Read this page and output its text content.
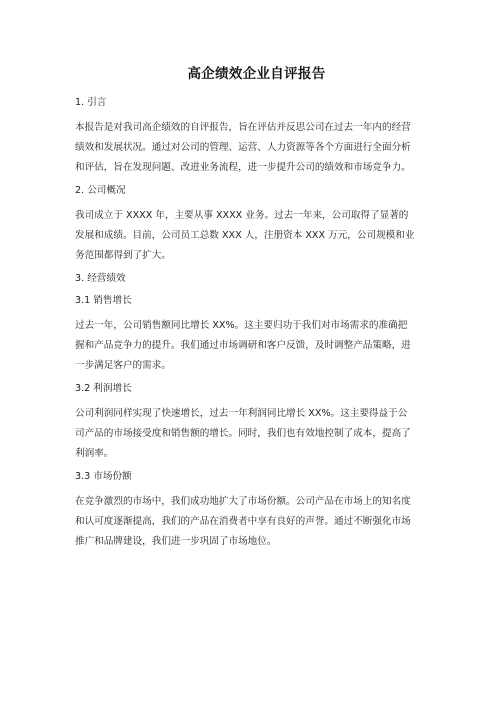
高企绩效企业自评报告
1. 引言
本报告是对我司高企绩效的自评报告，旨在评估并反思公司在过去一年内的经营
绩效和发展状况。通过对公司的管理、运营、人力资源等各个方面进行全面分析
和评估，旨在发现问题、改进业务流程，进一步提升公司的绩效和市场竞争力。
2. 公司概况
我司成立于 XXXX 年，主要从事 XXXX 业务。过去一年来，公司取得了显著的
发展和成绩。目前，公司员工总数 XXX 人，注册资本 XXX 万元，公司规模和业
务范围都得到了扩大。
3. 经营绩效
3.1 销售增长
过去一年，公司销售额同比增长 XX%。这主要归功于我们对市场需求的准确把
握和产品竞争力的提升。我们通过市场调研和客户反馈，及时调整产品策略，进
一步满足客户的需求。
3.2 利润增长
公司利润同样实现了快速增长，过去一年利润同比增长 XX%。这主要得益于公
司产品的市场接受度和销售额的增长。同时，我们也有效地控制了成本，提高了
利润率。
3.3 市场份额
在竞争激烈的市场中，我们成功地扩大了市场份额。公司产品在市场上的知名度
和认可度逐渐提高，我们的产品在消费者中享有良好的声誉。通过不断强化市场
推广和品牌建设，我们进一步巩固了市场地位。
